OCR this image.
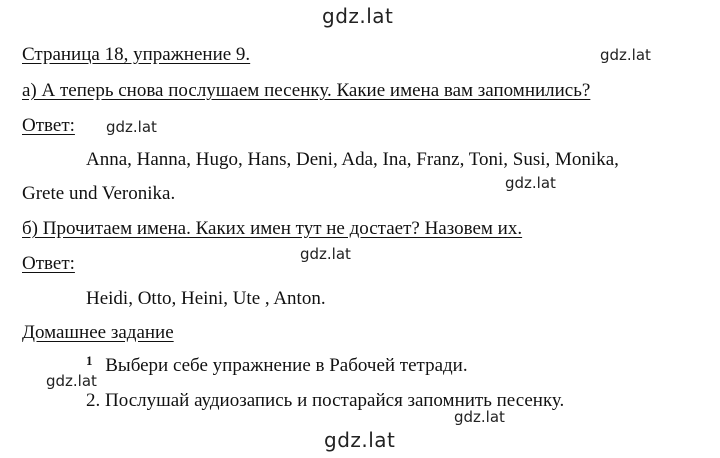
gdz.lat
gdz.lat
gdz.lat
gdz.lat
gdz.lat
gdz.lat
gdz.lat
gdz.lat
Страница 18, упражнение 9.
а) А теперь снова послушаем песенку. Какие имена вам запомнились?
Ответ:
Anna, Hanna, Hugo, Hans, Deni, Ada, Ina, Franz, Toni, Susi, Monika,
Grete und Veronika.
б) Прочитаем имена. Каких имен тут не достает? Назовем их.
Ответ:
Heidi, Otto, Heini, Ute , Anton.
Домашнее задание
$^1$ Выбери себе упражнение в Рабочей тетради.
2. Послушай аудиозапись и постарайся запомнить песенку.
